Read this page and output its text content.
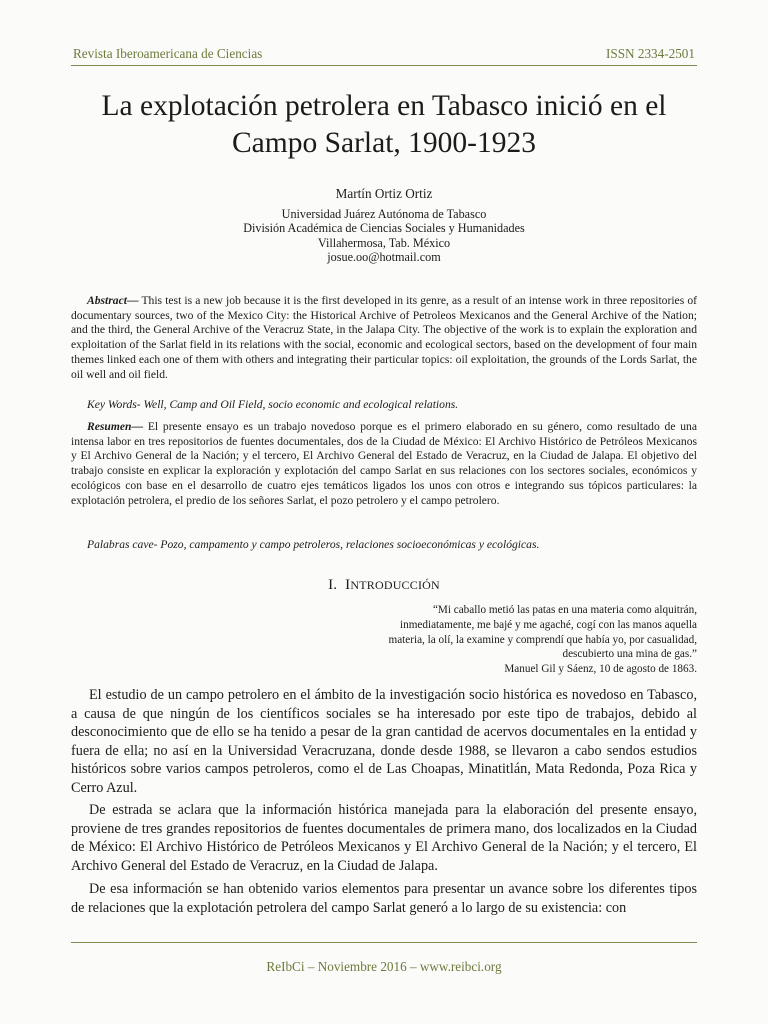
Revista Iberoamericana de Ciencias	ISSN 2334-2501
La explotación petrolera en Tabasco inició en el Campo Sarlat, 1900-1923
Martín Ortiz Ortiz
Universidad Juárez Autónoma de Tabasco
División Académica de Ciencias Sociales y Humanidades
Villahermosa, Tab. México
josue.oo@hotmail.com
Abstract— This test is a new job because it is the first developed in its genre, as a result of an intense work in three repositories of documentary sources, two of the Mexico City: the Historical Archive of Petroleos Mexicanos and the General Archive of the Nation; and the third, the General Archive of the Veracruz State, in the Jalapa City. The objective of the work is to explain the exploration and exploitation of the Sarlat field in its relations with the social, economic and ecological sectors, based on the development of four main themes linked each one of them with others and integrating their particular topics: oil exploitation, the grounds of the Lords Sarlat, the oil well and oil field.
Key Words- Well, Camp and Oil Field, socio economic and ecological relations.
Resumen— El presente ensayo es un trabajo novedoso porque es el primero elaborado en su género, como resultado de una intensa labor en tres repositorios de fuentes documentales, dos de la Ciudad de México: El Archivo Histórico de Petróleos Mexicanos y El Archivo General de la Nación; y el tercero, El Archivo General del Estado de Veracruz, en la Ciudad de Jalapa. El objetivo del trabajo consiste en explicar la exploración y explotación del campo Sarlat en sus relaciones con los sectores sociales, económicos y ecológicos con base en el desarrollo de cuatro ejes temáticos ligados los unos con otros e integrando sus tópicos particulares: la explotación petrolera, el predio de los señores Sarlat, el pozo petrolero y el campo petrolero.
Palabras cave- Pozo, campamento y campo petroleros, relaciones socioeconómicas y ecológicas.
I. INTRODUCCIÓN
“Mi caballo metió las patas en una materia como alquitrán,
inmediatamente, me bajé y me agaché, cogí con las manos aquella
materia, la olí, la examine y comprendí que había yo, por casualidad,
descubierto una mina de gas.”
Manuel Gil y Sáenz, 10 de agosto de 1863.
El estudio de un campo petrolero en el ámbito de la investigación socio histórica es novedoso en Tabasco, a causa de que ningún de los científicos sociales se ha interesado por este tipo de trabajos, debido al desconocimiento que de ello se ha tenido a pesar de la gran cantidad de acervos documentales en la entidad y fuera de ella; no así en la Universidad Veracruzana, donde desde 1988, se llevaron a cabo sendos estudios históricos sobre varios campos petroleros, como el de Las Choapas, Minatitlán, Mata Redonda, Poza Rica y Cerro Azul.
De estrada se aclara que la información histórica manejada para la elaboración del presente ensayo, proviene de tres grandes repositorios de fuentes documentales de primera mano, dos localizados en la Ciudad de México: El Archivo Histórico de Petróleos Mexicanos y El Archivo General de la Nación; y el tercero, El Archivo General del Estado de Veracruz, en la Ciudad de Jalapa.
De esa información se han obtenido varios elementos para presentar un avance sobre los diferentes tipos de relaciones que la explotación petrolera del campo Sarlat generó a lo largo de su existencia: con
ReIbCi – Noviembre 2016 – www.reibci.org
